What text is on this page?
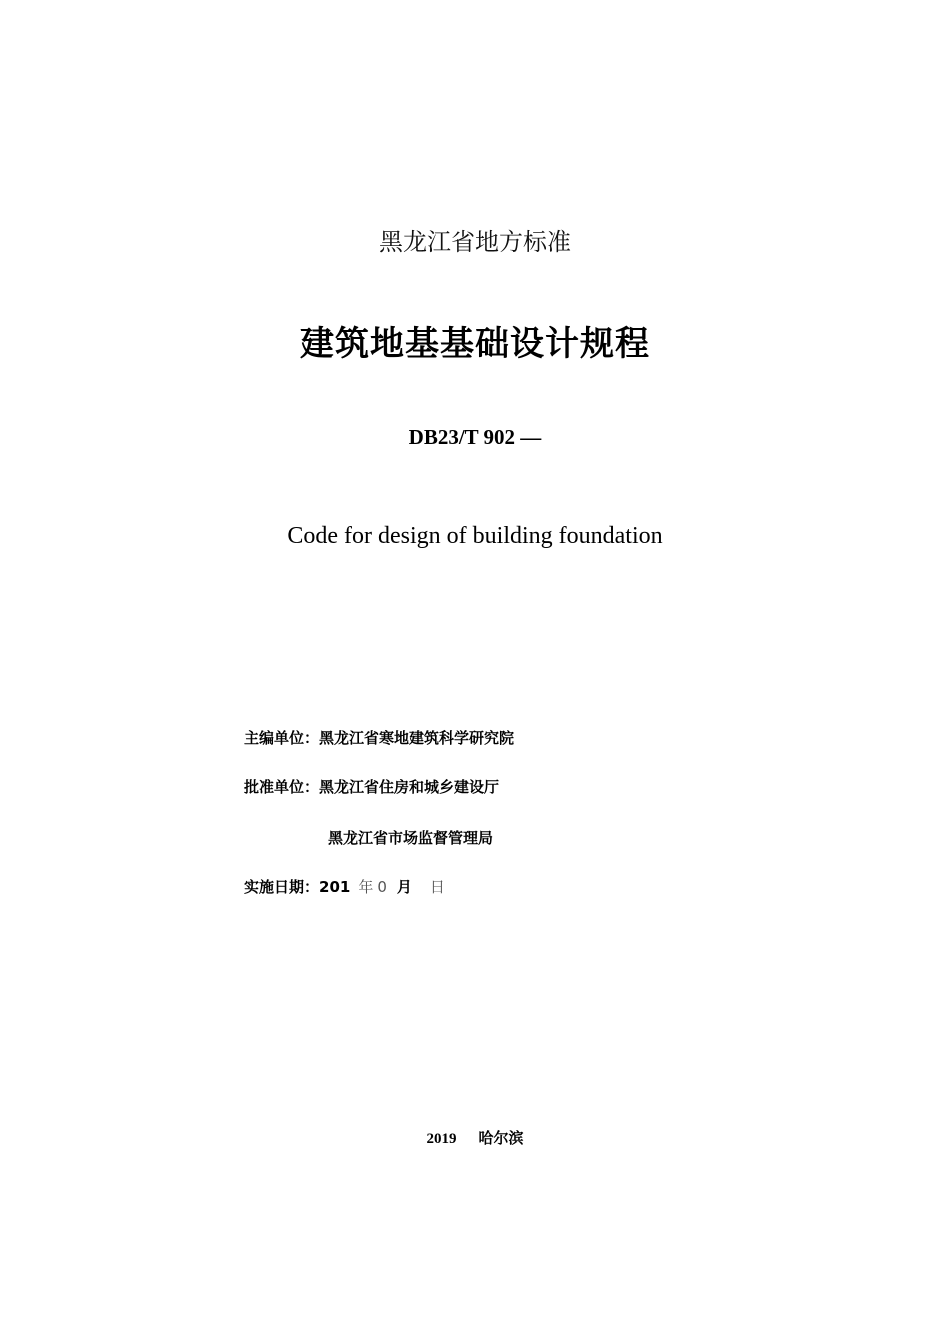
黑龙江省地方标准
建筑地基基础设计规程
DB23/T 902 —
Code for design of building foundation
主编单位：黑龙江省寒地建筑科学研究院
批准单位：黑龙江省住房和城乡建设厅
黑龙江省市场监督管理局
实施日期：201 年 0 月 日
2019 哈尔滨
